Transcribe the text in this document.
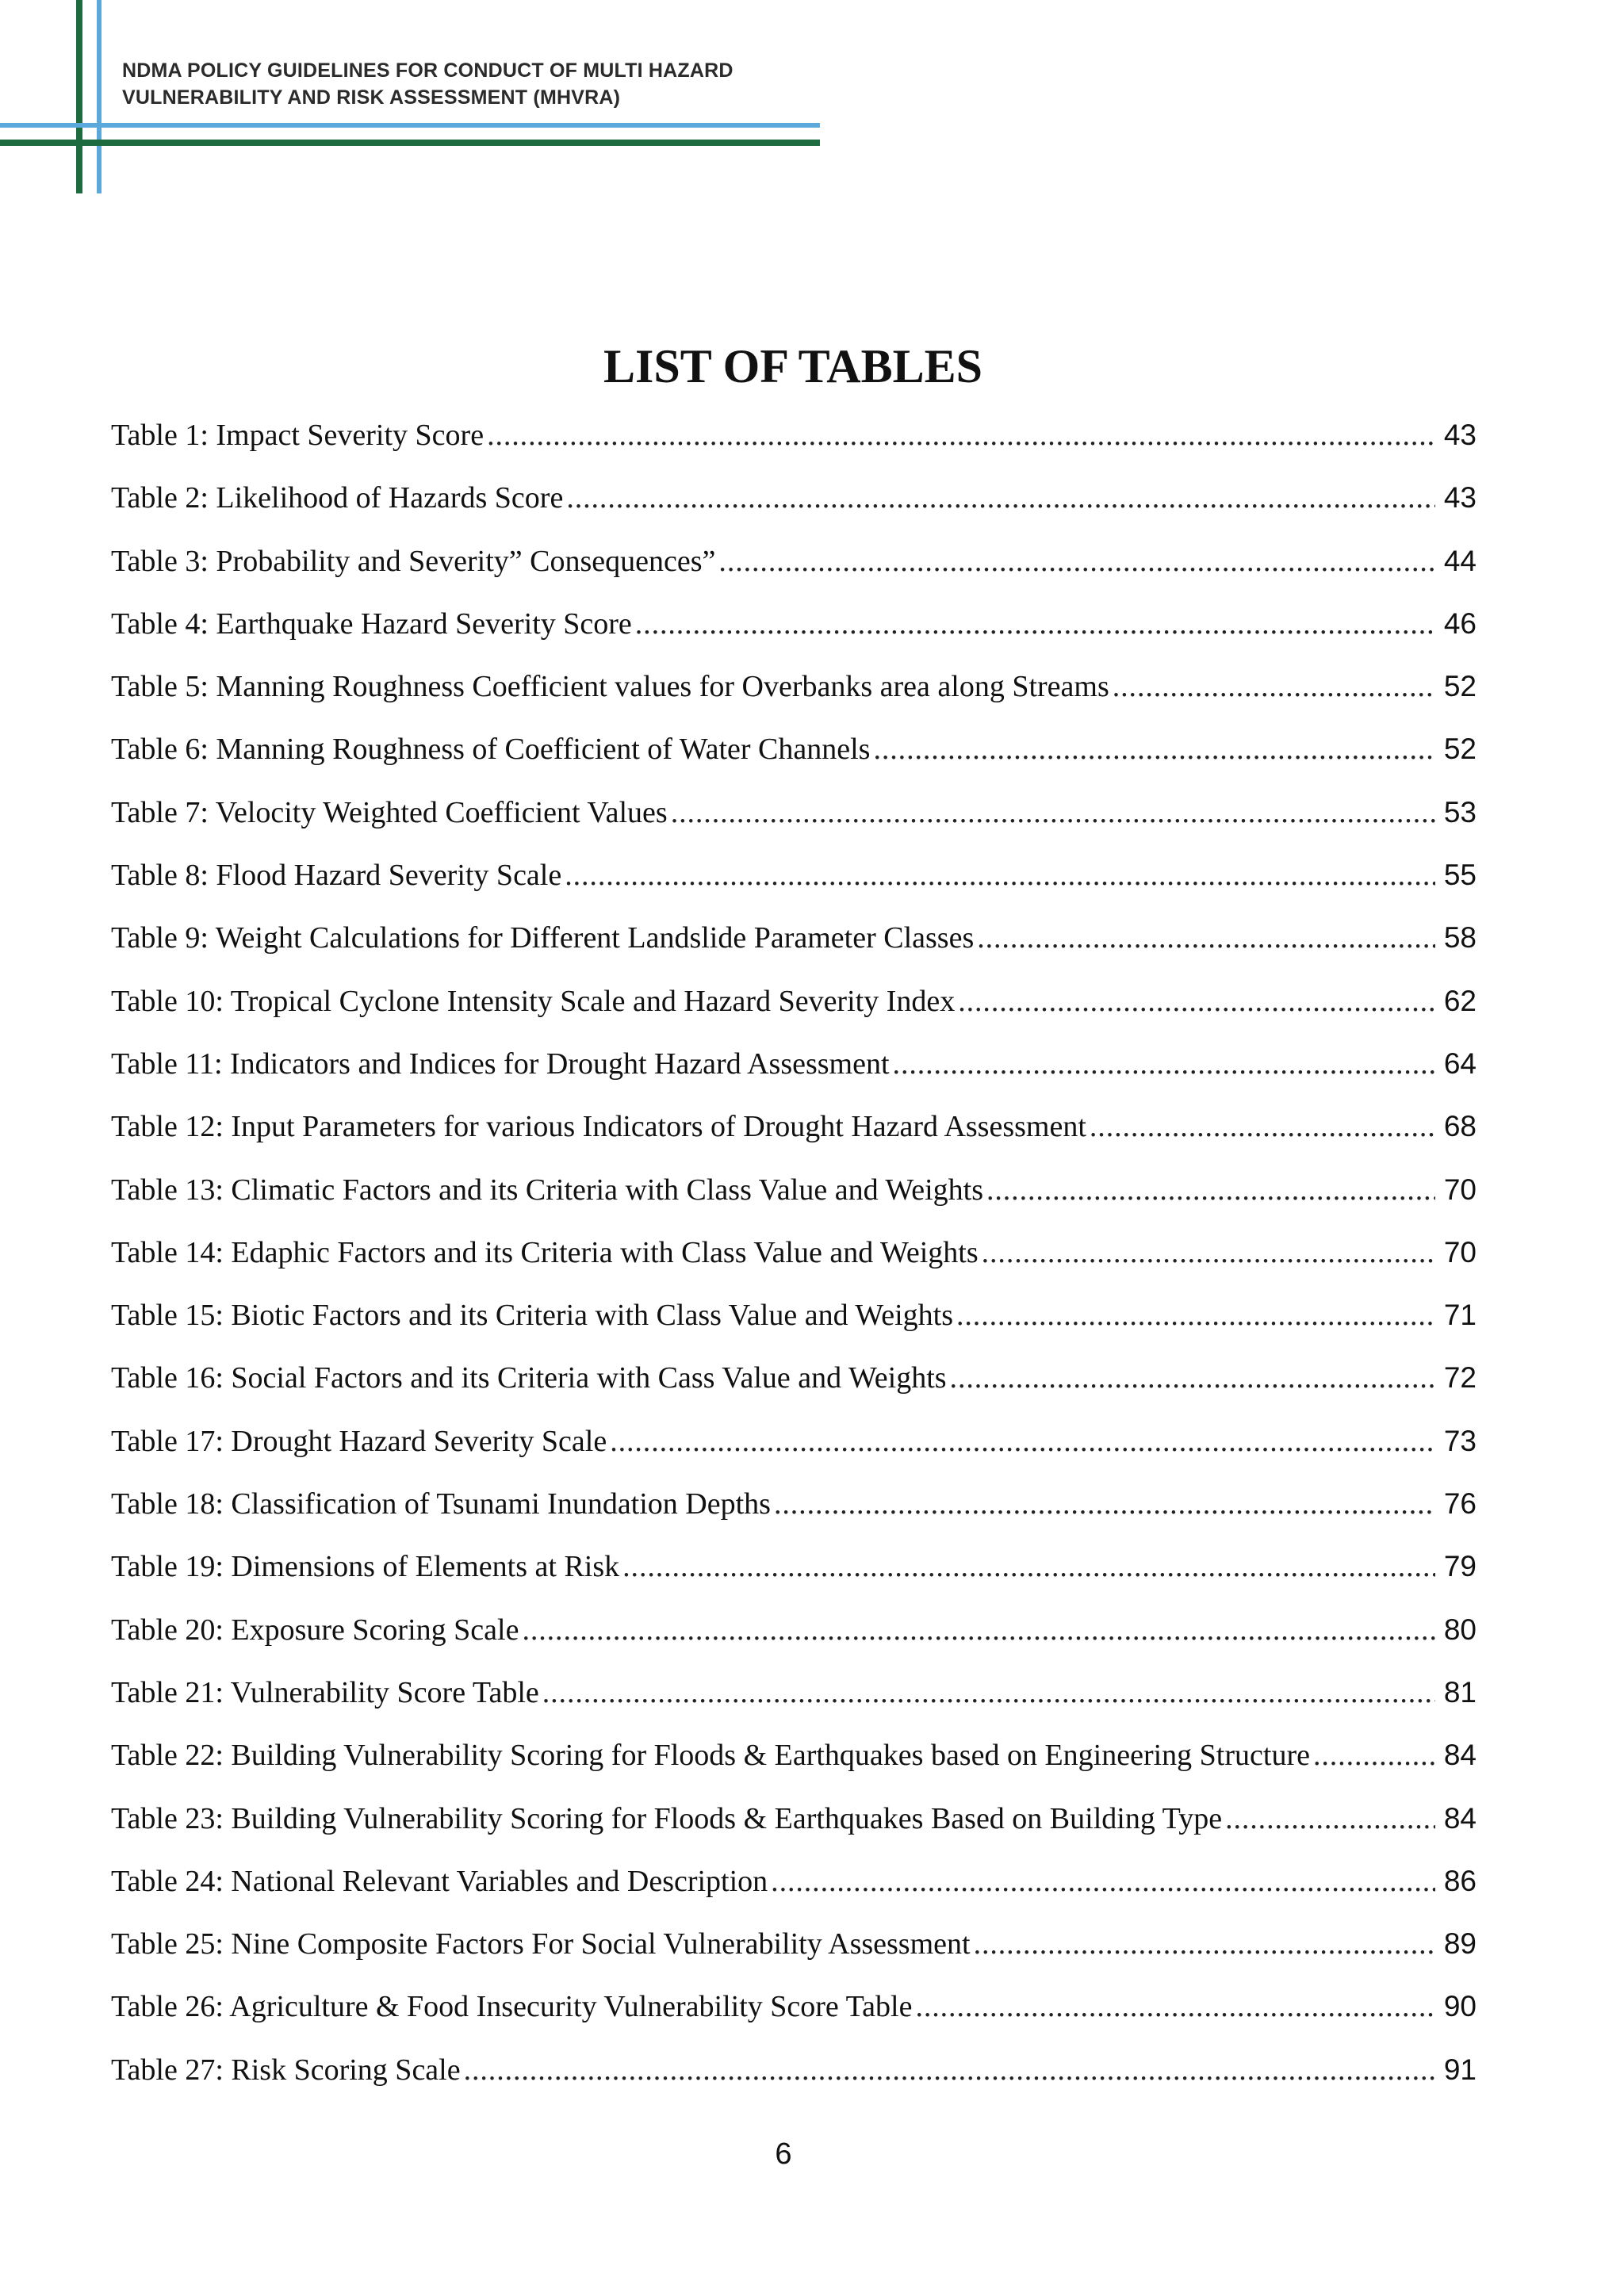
NDMA POLICY GUIDELINES FOR CONDUCT OF MULTI HAZARD
VULNERABILITY AND RISK ASSESSMENT (MHVRA)
LIST OF TABLES
Table 1: Impact Severity Score . . .	43
Table 2: Likelihood of Hazards Score . . .	43
Table 3: Probability and Severity” Consequences” . . .	44
Table 4: Earthquake Hazard Severity Score . . .	46
Table 5: Manning Roughness Coefficient values for Overbanks area along Streams . . .	52
Table 6: Manning Roughness of Coefficient of Water Channels . . .	52
Table 7: Velocity Weighted Coefficient Values . . .	53
Table 8: Flood Hazard Severity Scale . . .	55
Table 9: Weight Calculations for Different Landslide Parameter Classes . . .	58
Table 10: Tropical Cyclone Intensity Scale and Hazard Severity Index . . .	62
Table 11: Indicators and Indices for Drought Hazard Assessment . . .	64
Table 12: Input Parameters for various Indicators of Drought Hazard Assessment . . .	68
Table 13: Climatic Factors and its Criteria with Class Value and Weights . . .	70
Table 14: Edaphic Factors and its Criteria with Class Value and Weights . . .	70
Table 15: Biotic Factors and its Criteria with Class Value and Weights . . .	71
Table 16: Social Factors and its Criteria with Cass Value and Weights . . .	72
Table 17: Drought Hazard Severity Scale . . .	73
Table 18: Classification of Tsunami Inundation Depths . . .	76
Table 19: Dimensions of Elements at Risk . . .	79
Table 20: Exposure Scoring Scale . . .	80
Table 21: Vulnerability Score Table . . .	81
Table 22: Building Vulnerability Scoring for Floods & Earthquakes based on Engineering Structure . . .	84
Table 23: Building Vulnerability Scoring for Floods & Earthquakes Based on Building Type . . .	84
Table 24: National Relevant Variables and Description . . .	86
Table 25: Nine Composite Factors For Social Vulnerability Assessment . . .	89
Table 26: Agriculture & Food Insecurity Vulnerability Score Table . . .	90
Table 27: Risk Scoring Scale . . .	91
6
